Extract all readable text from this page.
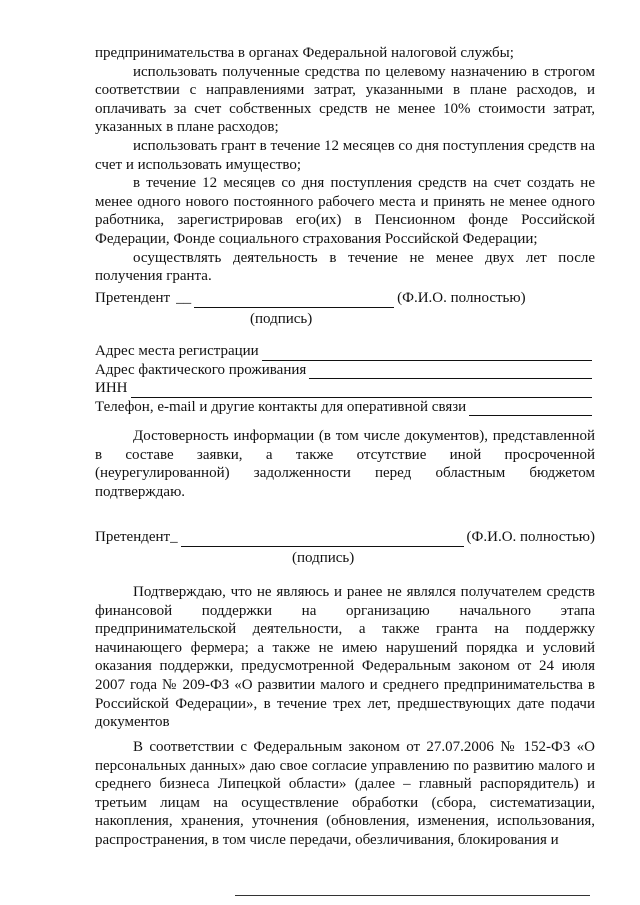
предпринимательства в органах Федеральной налоговой службы;

использовать полученные средства по целевому назначению в строгом соответствии с направлениями затрат, указанными в плане расходов, и оплачивать за счет собственных средств не менее 10% стоимости затрат, указанных в плане расходов;

использовать грант в течение 12 месяцев со дня поступления средств на счет и использовать имущество;

в течение 12 месяцев со дня поступления средств на счет создать не менее одного нового постоянного рабочего места и принять не менее одного работника, зарегистрировав его(их) в Пенсионном фонде Российской Федерации, Фонде социального страхования Российской Федерации;

осуществлять деятельность в течение не менее двух лет после получения гранта.

Претендент __	(Ф.И.О. полностью)
(подпись)
Адрес места регистрации
Адрес фактического проживания
ИНН
Телефон, e-mail и другие контакты для оперативной связи

Достоверность информации (в том числе документов), представленной в составе заявки, а также отсутствие иной просроченной (неурегулированной) задолженности перед областным бюджетом подтверждаю.

Претендент _	(Ф.И.О. полностью)
(подпись)

Подтверждаю, что не являюсь и ранее не являлся получателем средств финансовой поддержки на организацию начального этапа предпринимательской деятельности, а также гранта на поддержку начинающего фермера; а также не имею нарушений порядка и условий оказания поддержки, предусмотренной Федеральным законом от 24 июля 2007 года № 209-ФЗ «О развитии малого и среднего предпринимательства в Российской Федерации», в течение трех лет, предшествующих дате подачи документов

В соответствии с Федеральным законом от 27.07.2006 № 152-ФЗ «О персональных данных» даю свое согласие управлению по развитию малого и среднего бизнеса Липецкой области» (далее – главный распорядитель) и третьим лицам на осуществление обработки (сбора, систематизации, накопления, хранения, уточнения (обновления, изменения, использования, распространения, в том числе передачи, обезличивания, блокирования и
